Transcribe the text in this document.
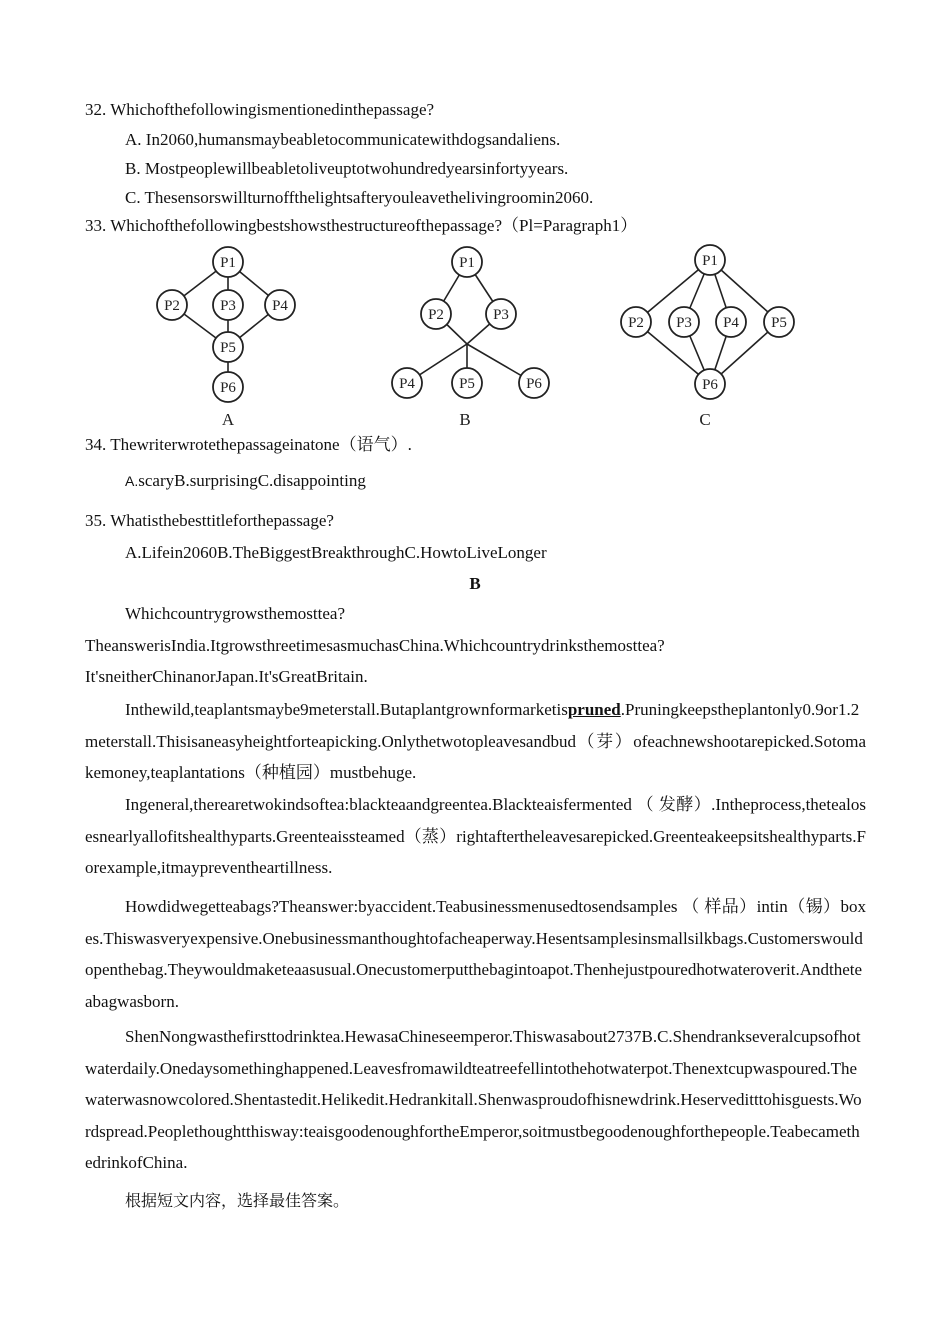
32. Whichofthefollowingismentionedinthepassage?
A. In2060,humansmaybeabletocommunicatewithdogsandaliens.
B. Mostpeoplewillbeabletoliveuptotwohundredyearsinfortyyears.
C. Thesensorswillturnoffthelightsafteryouleavethelivingroomin2060.
33. Whichofthefollowingbestshowsthestructureofthepassage?（Pl=Paragraph1）
P1
P2	P3 P4
P5
P6
P1
P2	P3
P4	P5	P6
P1
P2 P3 P4 P5
P6
A	B	C
34. Thewriterwrotethepassageinatone（语气）.
A.scaryB.surprisingC.disappointing
35. Whatisthebesttitleforthepassage?
A.Lifein2060B.TheBiggestBreakthroughC.HowtoLiveLonger
B
Whichcountrygrowsthemosttea?
TheanswerisIndia.ItgrowsthreetimesasmuchasChina.Whichcountrydrinksthemosttea?
It'sneitherChinanorJapan.It'sGreatBritain.
Inthewild,teaplantsmaybe9meterstall.Butaplantgrownformarketispruned.Pruningkeepstheplantonly0.9or1.2meterstall.Thisisaneasyheightforteapicking.Onlythetwotopleavesandbud（芽）ofeachnewshootarepicked.Sotomakemoney,teaplantations（种植园）mustbehuge.
Ingeneral,therearetwokindsoftea:blackteaandgreentea.Blackteaisfermented （ 发酵）.Intheprocess,thetealosesnearlyallofitshealthyparts.Greenteaissteamed（蒸）rightaftertheleavesarepicked.Greenteakeepsitshealthyparts.Forexample,itmaypreventheartillness.
Howdidwegetteabags?Theanswer:byaccident.Teabusinessmenusedtosendsamples （ 样品）intin（锡）boxes.Thiswasveryexpensive.Onebusinessmanthoughtofacheaperway.Hesentsamplesinsmallsilkbags.Customerswouldopenthebag.Theywouldmaketeaasusual.Onecustomerputthebagintoapot.Thenhejustpouredhotwateroverit.Andtheteabagwasborn.
ShenNongwasthefirsttodrinktea.HewasaChineseemperor.Thiswasabout2737B.C.Shendrankseveralcupsofhotwaterdaily.Onedaysomethinghappened.Leavesfromawildteatreefellintothehotwaterpot.Thenextcupwaspoured.Thewaterwasnowcolored.Shentastedit.Helikedit.Hedrankitall.Shenwasproudofhisnewdrink.Heserveditttohisguests.Wordspread.Peoplethoughtthisway:teaisgoodenoughfortheEmperor,soitmustbegoodenoughforthepeople.TeabecamethedrinkofChina.
根据短文内容，选择最佳答案。
